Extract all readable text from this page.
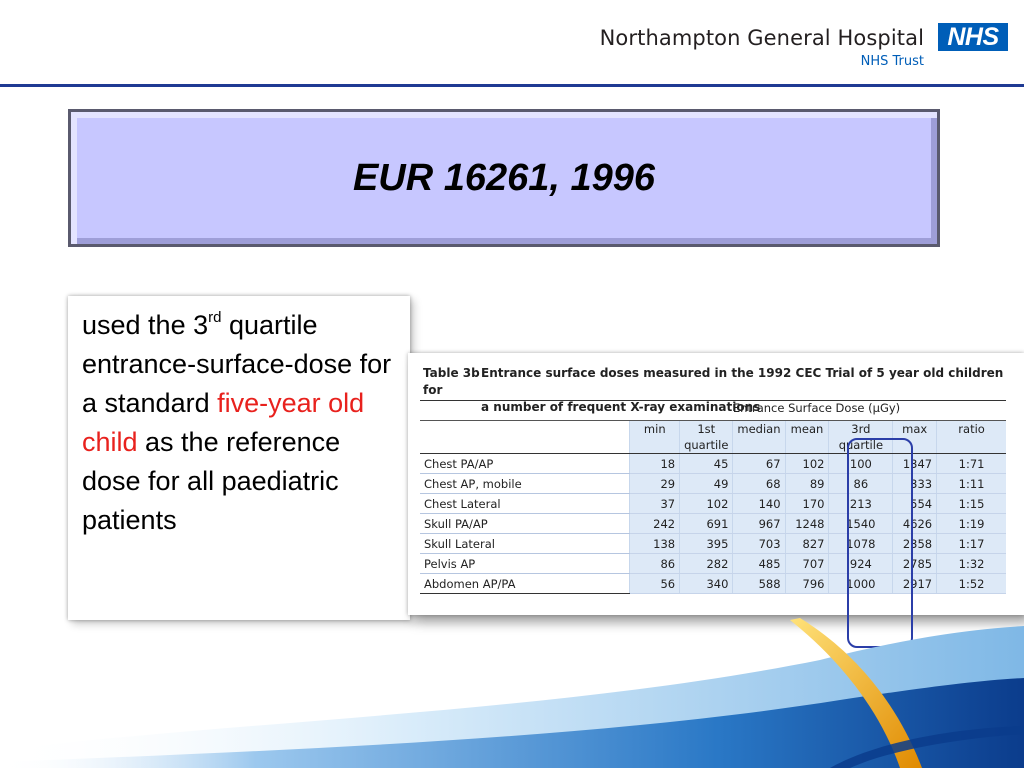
Northampton General Hospital
NHS Trust
NHS
EUR 16261, 1996
used the 3rd quartile entrance-surface-dose for a standard five-year old child as the reference dose for all paediatric patients
Table 3bEntrance surface doses measured in the 1992 CEC Trial of 5 year old children for
a number of frequent X-ray examinations
			Entrance Surface Dose (µGy)				
	min	1st quartile	median	mean	3rd quartile	max	ratio
Chest PA/AP	18	45	67	102	100	1347	1:71
Chest AP, mobile	29	49	68	89	86	333	1:11
Chest Lateral	37	102	140	170	213	554	1:15
Skull PA/AP	242	691	967	1248	1540	4626	1:19
Skull Lateral	138	395	703	827	1078	2358	1:17
Pelvis AP	86	282	485	707	924	2785	1:32
Abdomen AP/PA	56	340	588	796	1000	2917	1:52
